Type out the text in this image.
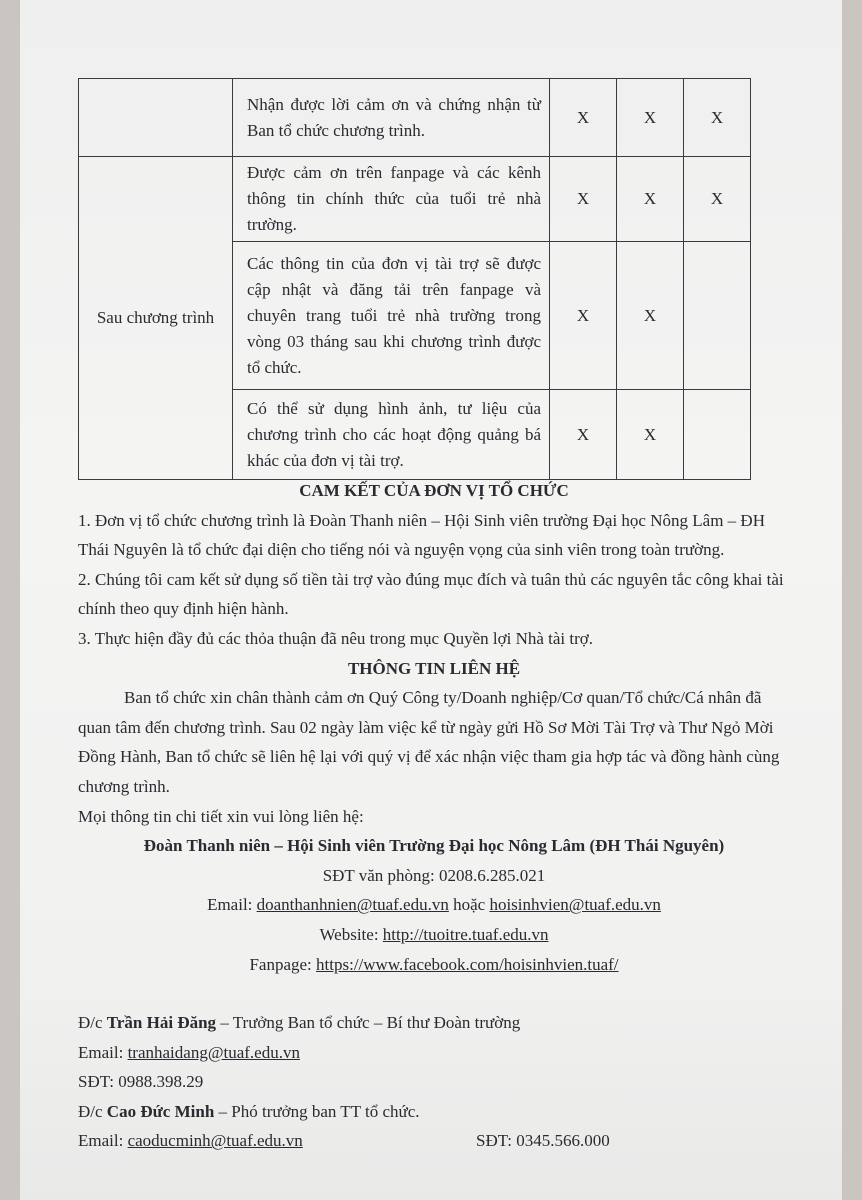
	Nhận được lời cảm ơn và chứng nhận từ Ban tổ chức chương trình.	X	X	X
Sau chương trình	Được cảm ơn trên fanpage và các kênh thông tin chính thức của tuổi trẻ nhà trường.	X	X	X
	Các thông tin của đơn vị tài trợ sẽ được cập nhật và đăng tải trên fanpage và chuyên trang tuổi trẻ nhà trường trong vòng 03 tháng sau khi chương trình được tổ chức.	X	X	
	Có thể sử dụng hình ảnh, tư liệu của chương trình cho các hoạt động quảng bá khác của đơn vị tài trợ.	X	X	

CAM KẾT CỦA ĐƠN VỊ TỔ CHỨC

1. Đơn vị tổ chức chương trình là Đoàn Thanh niên – Hội Sinh viên trường Đại học Nông Lâm – ĐH Thái Nguyên là tổ chức đại diện cho tiếng nói và nguyện vọng của sinh viên trong toàn trường.

2. Chúng tôi cam kết sử dụng số tiền tài trợ vào đúng mục đích và tuân thủ các nguyên tắc công khai tài chính theo quy định hiện hành.

3. Thực hiện đầy đủ các thỏa thuận đã nêu trong mục Quyền lợi Nhà tài trợ.

THÔNG TIN LIÊN HỆ

Ban tổ chức xin chân thành cảm ơn Quý Công ty/Doanh nghiệp/Cơ quan/Tổ chức/Cá nhân đã quan tâm đến chương trình. Sau 02 ngày làm việc kể từ ngày gửi Hồ Sơ Mời Tài Trợ và Thư Ngỏ Mời Đồng Hành, Ban tổ chức sẽ liên hệ lại với quý vị để xác nhận việc tham gia hợp tác và đồng hành cùng chương trình.

Mọi thông tin chi tiết xin vui lòng liên hệ:

Đoàn Thanh niên – Hội Sinh viên Trường Đại học Nông Lâm (ĐH Thái Nguyên)

SĐT văn phòng: 0208.6.285.021

Email: doanthanhnien@tuaf.edu.vn hoặc hoisinhvien@tuaf.edu.vn

Website: http://tuoitre.tuaf.edu.vn

Fanpage: https://www.facebook.com/hoisinhvien.tuaf/

Đ/c Trần Hải Đăng – Trưởng Ban tổ chức – Bí thư Đoàn trường

Email: tranhaidang@tuaf.edu.vn

SĐT: 0988.398.29

Đ/c Cao Đức Minh – Phó trưởng ban TT tổ chức.

Email: caoducminh@tuaf.edu.vn	SĐT: 0345.566.000
